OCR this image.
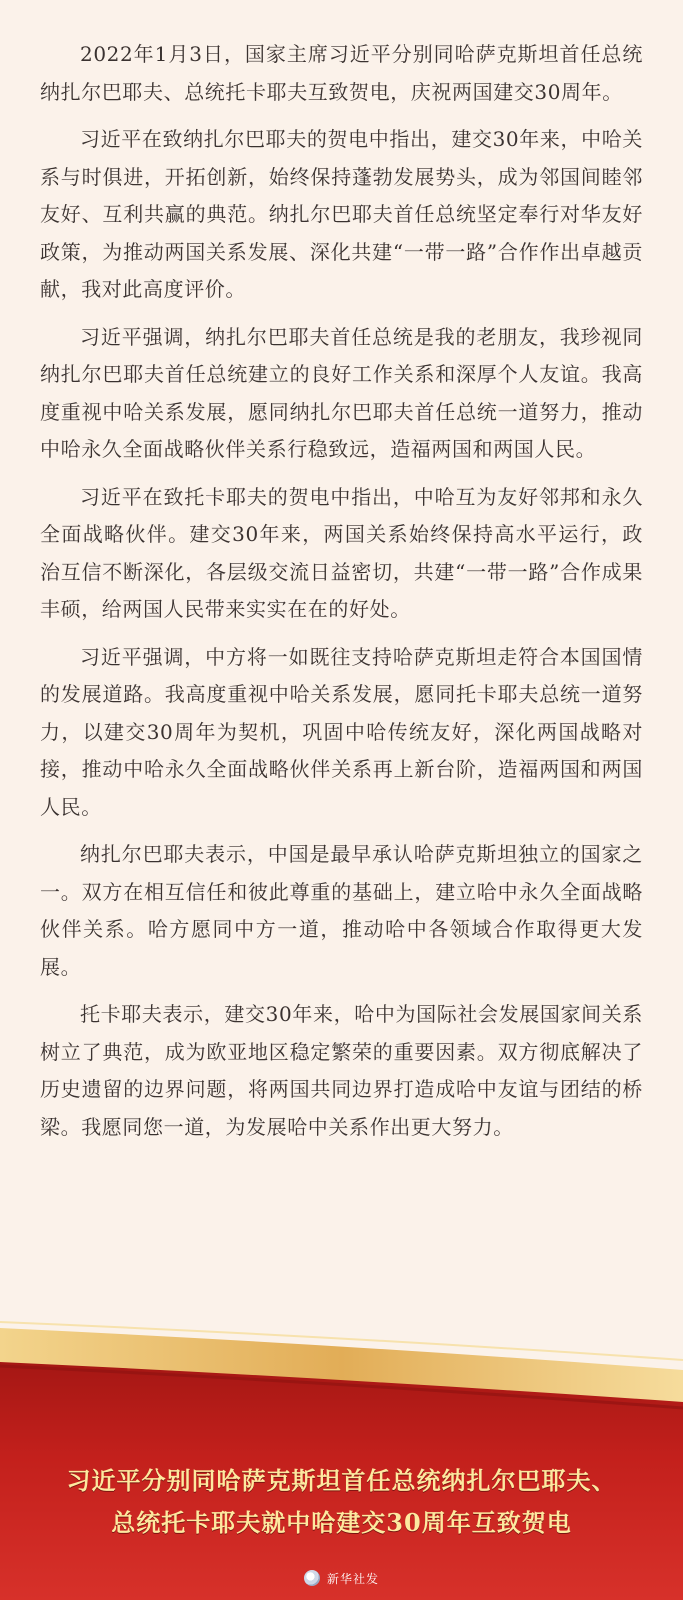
2022年1月3日，国家主席习近平分别同哈萨克斯坦首任总统纳扎尔巴耶夫、总统托卡耶夫互致贺电，庆祝两国建交30周年。

习近平在致纳扎尔巴耶夫的贺电中指出，建交30年来，中哈关系与时俱进，开拓创新，始终保持蓬勃发展势头，成为邻国间睦邻友好、互利共赢的典范。纳扎尔巴耶夫首任总统坚定奉行对华友好政策，为推动两国关系发展、深化共建“一带一路”合作作出卓越贡献，我对此高度评价。

习近平强调，纳扎尔巴耶夫首任总统是我的老朋友，我珍视同纳扎尔巴耶夫首任总统建立的良好工作关系和深厚个人友谊。我高度重视中哈关系发展，愿同纳扎尔巴耶夫首任总统一道努力，推动中哈永久全面战略伙伴关系行稳致远，造福两国和两国人民。

习近平在致托卡耶夫的贺电中指出，中哈互为友好邻邦和永久全面战略伙伴。建交30年来，两国关系始终保持高水平运行，政治互信不断深化，各层级交流日益密切，共建“一带一路”合作成果丰硕，给两国人民带来实实在在的好处。

习近平强调，中方将一如既往支持哈萨克斯坦走符合本国国情的发展道路。我高度重视中哈关系发展，愿同托卡耶夫总统一道努力，以建交30周年为契机，巩固中哈传统友好，深化两国战略对接，推动中哈永久全面战略伙伴关系再上新台阶，造福两国和两国人民。

纳扎尔巴耶夫表示，中国是最早承认哈萨克斯坦独立的国家之一。双方在相互信任和彼此尊重的基础上，建立哈中永久全面战略伙伴关系。哈方愿同中方一道，推动哈中各领域合作取得更大发展。

托卡耶夫表示，建交30年来，哈中为国际社会发展国家间关系树立了典范，成为欧亚地区稳定繁荣的重要因素。双方彻底解决了历史遗留的边界问题，将两国共同边界打造成哈中友谊与团结的桥梁。我愿同您一道，为发展哈中关系作出更大努力。

习近平分别同哈萨克斯坦首任总统纳扎尔巴耶夫、
总统托卡耶夫就中哈建交30周年互致贺电
新华社发
